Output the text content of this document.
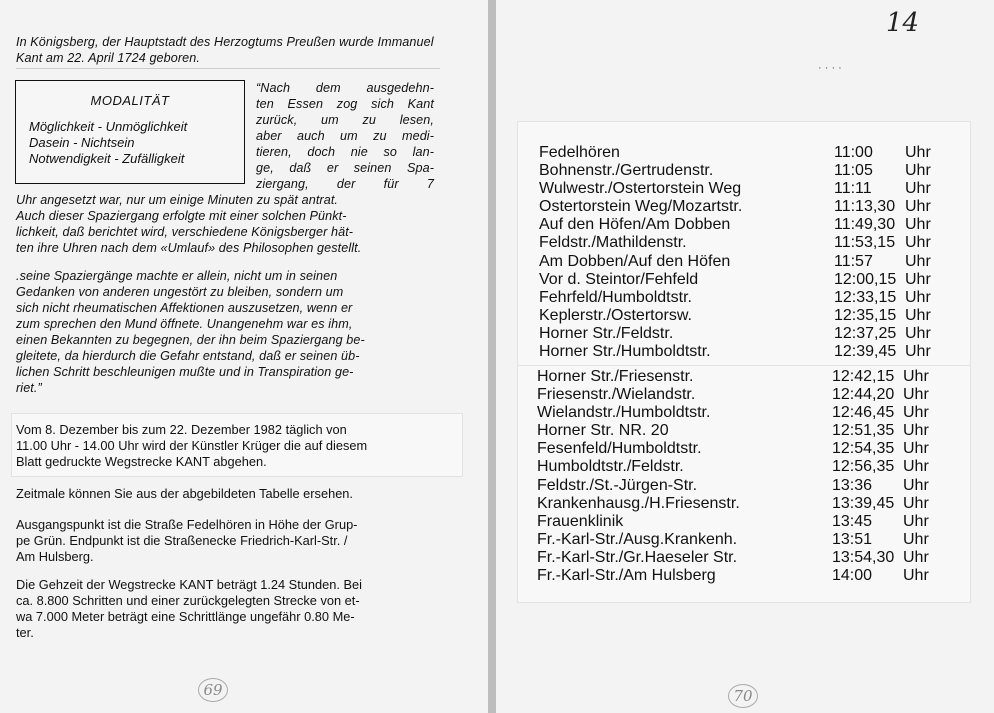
In Königsberg, der Hauptstadt des Herzogtums Preußen wurde Immanuel Kant am 22. April 1724 geboren.
MODALITÄT
Möglichkeit - Unmöglichkeit
Dasein - Nichtsein
Notwendigkeit - Zufälligkeit
“Nach dem ausgedehn-
ten Essen zog sich Kant
zurück, um zu lesen,
aber auch um zu medi-
tieren, doch nie so lan-
ge, daß er seinen Spa-
ziergang, der für 7
Uhr angesetzt war, nur um einige Minuten zu spät antrat.
Auch dieser Spaziergang erfolgte mit einer solchen Pünkt-
lichkeit, daß berichtet wird, verschiedene Königsberger hät-
ten ihre Uhren nach dem «Umlauf» des Philosophen gestellt.
.seine Spaziergänge machte er allein, nicht um in seinen
Gedanken von anderen ungestört zu bleiben, sondern um
sich nicht rheumatischen Affektionen auszusetzen, wenn er
zum sprechen den Mund öffnete. Unangenehm war es ihm,
einen Bekannten zu begegnen, der ihn beim Spaziergang be-
gleitete, da hierdurch die Gefahr entstand, daß er seinen üb-
lichen Schritt beschleunigen mußte und in Transpiration ge-
riet.”
Vom 8. Dezember bis zum 22. Dezember 1982 täglich von
11.00 Uhr - 14.00 Uhr wird der Künstler Krüger die auf diesem
Blatt gedruckte Wegstrecke KANT abgehen.
Zeitmale können Sie aus der abgebildeten Tabelle ersehen.
Ausgangspunkt ist die Straße Fedelhören in Höhe der Grup-
pe Grün. Endpunkt ist die Straßenecke Friedrich-Karl-Str. /
Am Hulsberg.
Die Gehzeit der Wegstrecke KANT beträgt 1.24 Stunden. Bei
ca. 8.800 Schritten und einer zurückgelegten Strecke von et-
wa 7.000 Meter beträgt eine Schrittlänge ungefähr 0.80 Me-
ter.
69
14
· · · ·
Fedelhören	11:00 Uhr
Bohnenstr./Gertrudenstr.	11:05 Uhr
Wulwestr./Ostertorstein Weg	11:11 Uhr
Ostertorstein Weg/Mozartstr.	11:13,30 Uhr
Auf den Höfen/Am Dobben	11:49,30 Uhr
Feldstr./Mathildenstr.	11:53,15 Uhr
Am Dobben/Auf den Höfen	11:57 Uhr
Vor d. Steintor/Fehfeld	12:00,15 Uhr
Fehrfeld/Humboldtstr.	12:33,15 Uhr
Keplerstr./Ostertorsw.	12:35,15 Uhr
Horner Str./Feldstr.	12:37,25 Uhr
Horner Str./Humboldtstr.	12:39,45 Uhr
Horner Str./Friesenstr.	12:42,15 Uhr
Friesenstr./Wielandstr.	12:44,20 Uhr
Wielandstr./Humboldtstr.	12:46,45 Uhr
Horner Str. NR. 20	12:51,35 Uhr
Fesenfeld/Humboldtstr.	12:54,35 Uhr
Humboldtstr./Feldstr.	12:56,35 Uhr
Feldstr./St.-Jürgen-Str.	13:36 Uhr
Krankenhausg./H.Friesenstr.	13:39,45 Uhr
Frauenklinik	13:45 Uhr
Fr.-Karl-Str./Ausg.Krankenh.	13:51 Uhr
Fr.-Karl-Str./Gr.Haeseler Str.	13:54,30 Uhr
Fr.-Karl-Str./Am Hulsberg	14:00 Uhr
70
